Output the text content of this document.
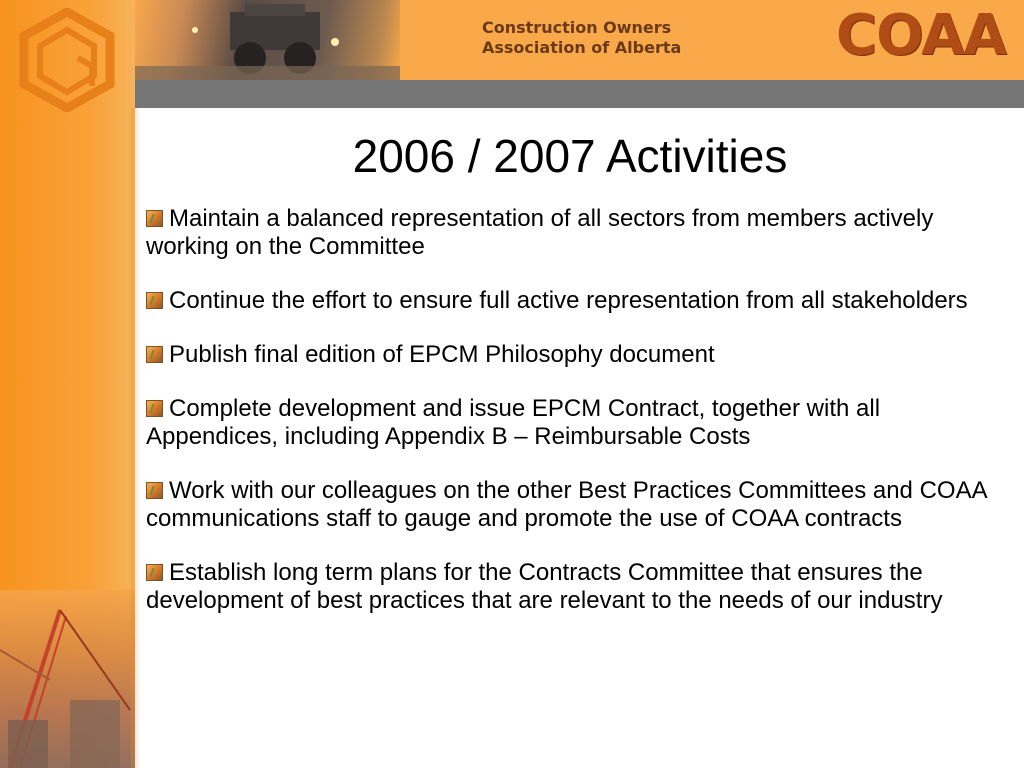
Construction Owners
Association of Alberta	COAA
2006 / 2007 Activities
Maintain a balanced representation of all sectors from members actively working on the Committee
Continue the effort to ensure full active representation from all stakeholders
Publish final edition of EPCM Philosophy document
Complete development and issue EPCM Contract, together with all Appendices, including Appendix B – Reimbursable Costs
Work with our colleagues on the other Best Practices Committees and COAA communications staff to gauge and promote the use of COAA contracts
Establish long term plans for the Contracts Committee that ensures the development of best practices that are relevant to the needs of our industry
